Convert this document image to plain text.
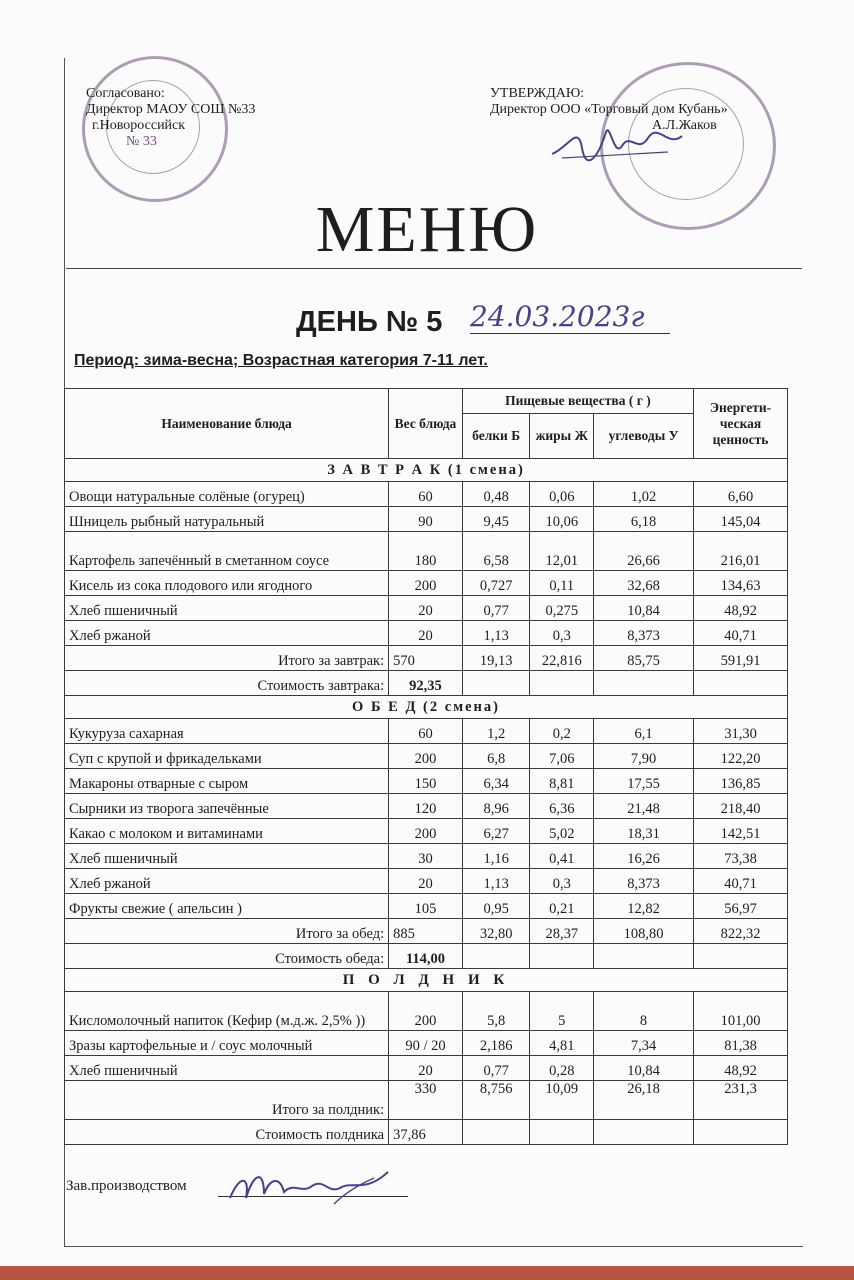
Согласовано:
Директор МАОУ СОШ №33
г.Новороссийск
№ 33
УТВЕРЖДАЮ:
Директор ООО «Торговый дом Кубань»
А.Л.Жаков
МЕНЮ
ДЕНЬ № 5 24.03.2023г
Период: зима-весна; Возрастная категория 7-11 лет.
Наименование блюда	Вес блюда	Пищевые вещества ( г )			Энергети-ческая ценность
		белки Б	жиры Ж	углеводы У	
З А В Т Р А К (1 смена)					
Овощи натуральные солёные (огурец)	60	0,48	0,06	1,02	6,60
Шницель рыбный натуральный	90	9,45	10,06	6,18	145,04
Картофель запечённый в сметанном соусе	180	6,58	12,01	26,66	216,01
Кисель из сока плодового или ягодного	200	0,727	0,11	32,68	134,63
Хлеб пшеничный	20	0,77	0,275	10,84	48,92
Хлеб ржаной	20	1,13	0,3	8,373	40,71
Итого за завтрак:	570	19,13	22,816	85,75	591,91
Стоимость завтрака:	92,35				
О Б Е Д (2 смена)					
Кукуруза сахарная	60	1,2	0,2	6,1	31,30
Суп с крупой и фрикадельками	200	6,8	7,06	7,90	122,20
Макароны отварные с сыром	150	6,34	8,81	17,55	136,85
Сырники из творога запечённые	120	8,96	6,36	21,48	218,40
Какао с молоком и витаминами	200	6,27	5,02	18,31	142,51
Хлеб пшеничный	30	1,16	0,41	16,26	73,38
Хлеб ржаной	20	1,13	0,3	8,373	40,71
Фрукты свежие ( апельсин )	105	0,95	0,21	12,82	56,97
Итого за обед:	885	32,80	28,37	108,80	822,32
Стоимость обеда:	114,00				
П О Л Д Н И К					
Кисломолочный напиток (Кефир (м.д.ж. 2,5% ))	200	5,8	5	8	101,00
Зразы картофельные и / соус молочный	90 / 20	2,186	4,81	7,34	81,38
Хлеб пшеничный	20	0,77	0,28	10,84	48,92
Итого за полдник:	330	8,756	10,09	26,18	231,3
Стоимость полдника	37,86				
Зав.производством
